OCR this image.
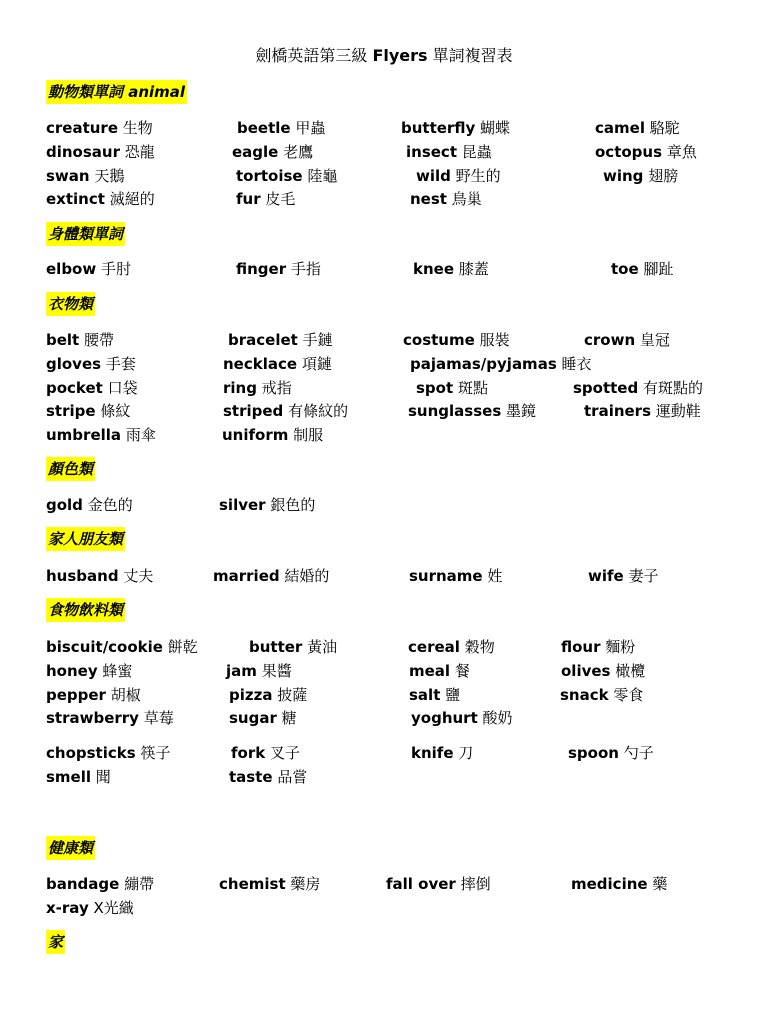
劍橋英語第三級 Flyers 單詞複習表
動物類單詞 animal
creature 生物	beetle 甲蟲	butterfly 蝴蝶	camel 駱駝
dinosaur 恐龍	eagle 老鷹	insect 昆蟲	octopus 章魚
swan 天鵝	tortoise 陸龜	wild 野生的	wing 翅膀
extinct 滅絕的	fur 皮毛	nest 鳥巢
身體類單詞
elbow 手肘	finger 手指	knee 膝蓋	toe 腳趾
衣物類
belt 腰帶	bracelet 手鏈	costume 服裝	crown 皇冠
gloves 手套	necklace 項鏈	pajamas/pyjamas 睡衣
pocket 口袋	ring 戒指	spot 斑點	spotted 有斑點的
stripe 條紋	striped 有條紋的	sunglasses 墨鏡	trainers 運動鞋
umbrella 雨傘	uniform 制服
顏色類
gold 金色的	silver 銀色的
家人朋友類
husband 丈夫	married 結婚的	surname 姓	wife 妻子
食物飲料類
biscuit/cookie 餅乾	butter 黃油	cereal 穀物	flour 麵粉
honey 蜂蜜	jam 果醬	meal 餐	olives 橄欖
pepper 胡椒	pizza 披薩	salt 鹽	snack 零食
strawberry 草莓	sugar 糖	yoghurt 酸奶
chopsticks 筷子	fork 叉子	knife 刀	spoon 勺子
smell 聞	taste 品嘗
健康類
bandage 繃帶	chemist 藥房	fall over 摔倒	medicine 藥
x-ray X光織
家
